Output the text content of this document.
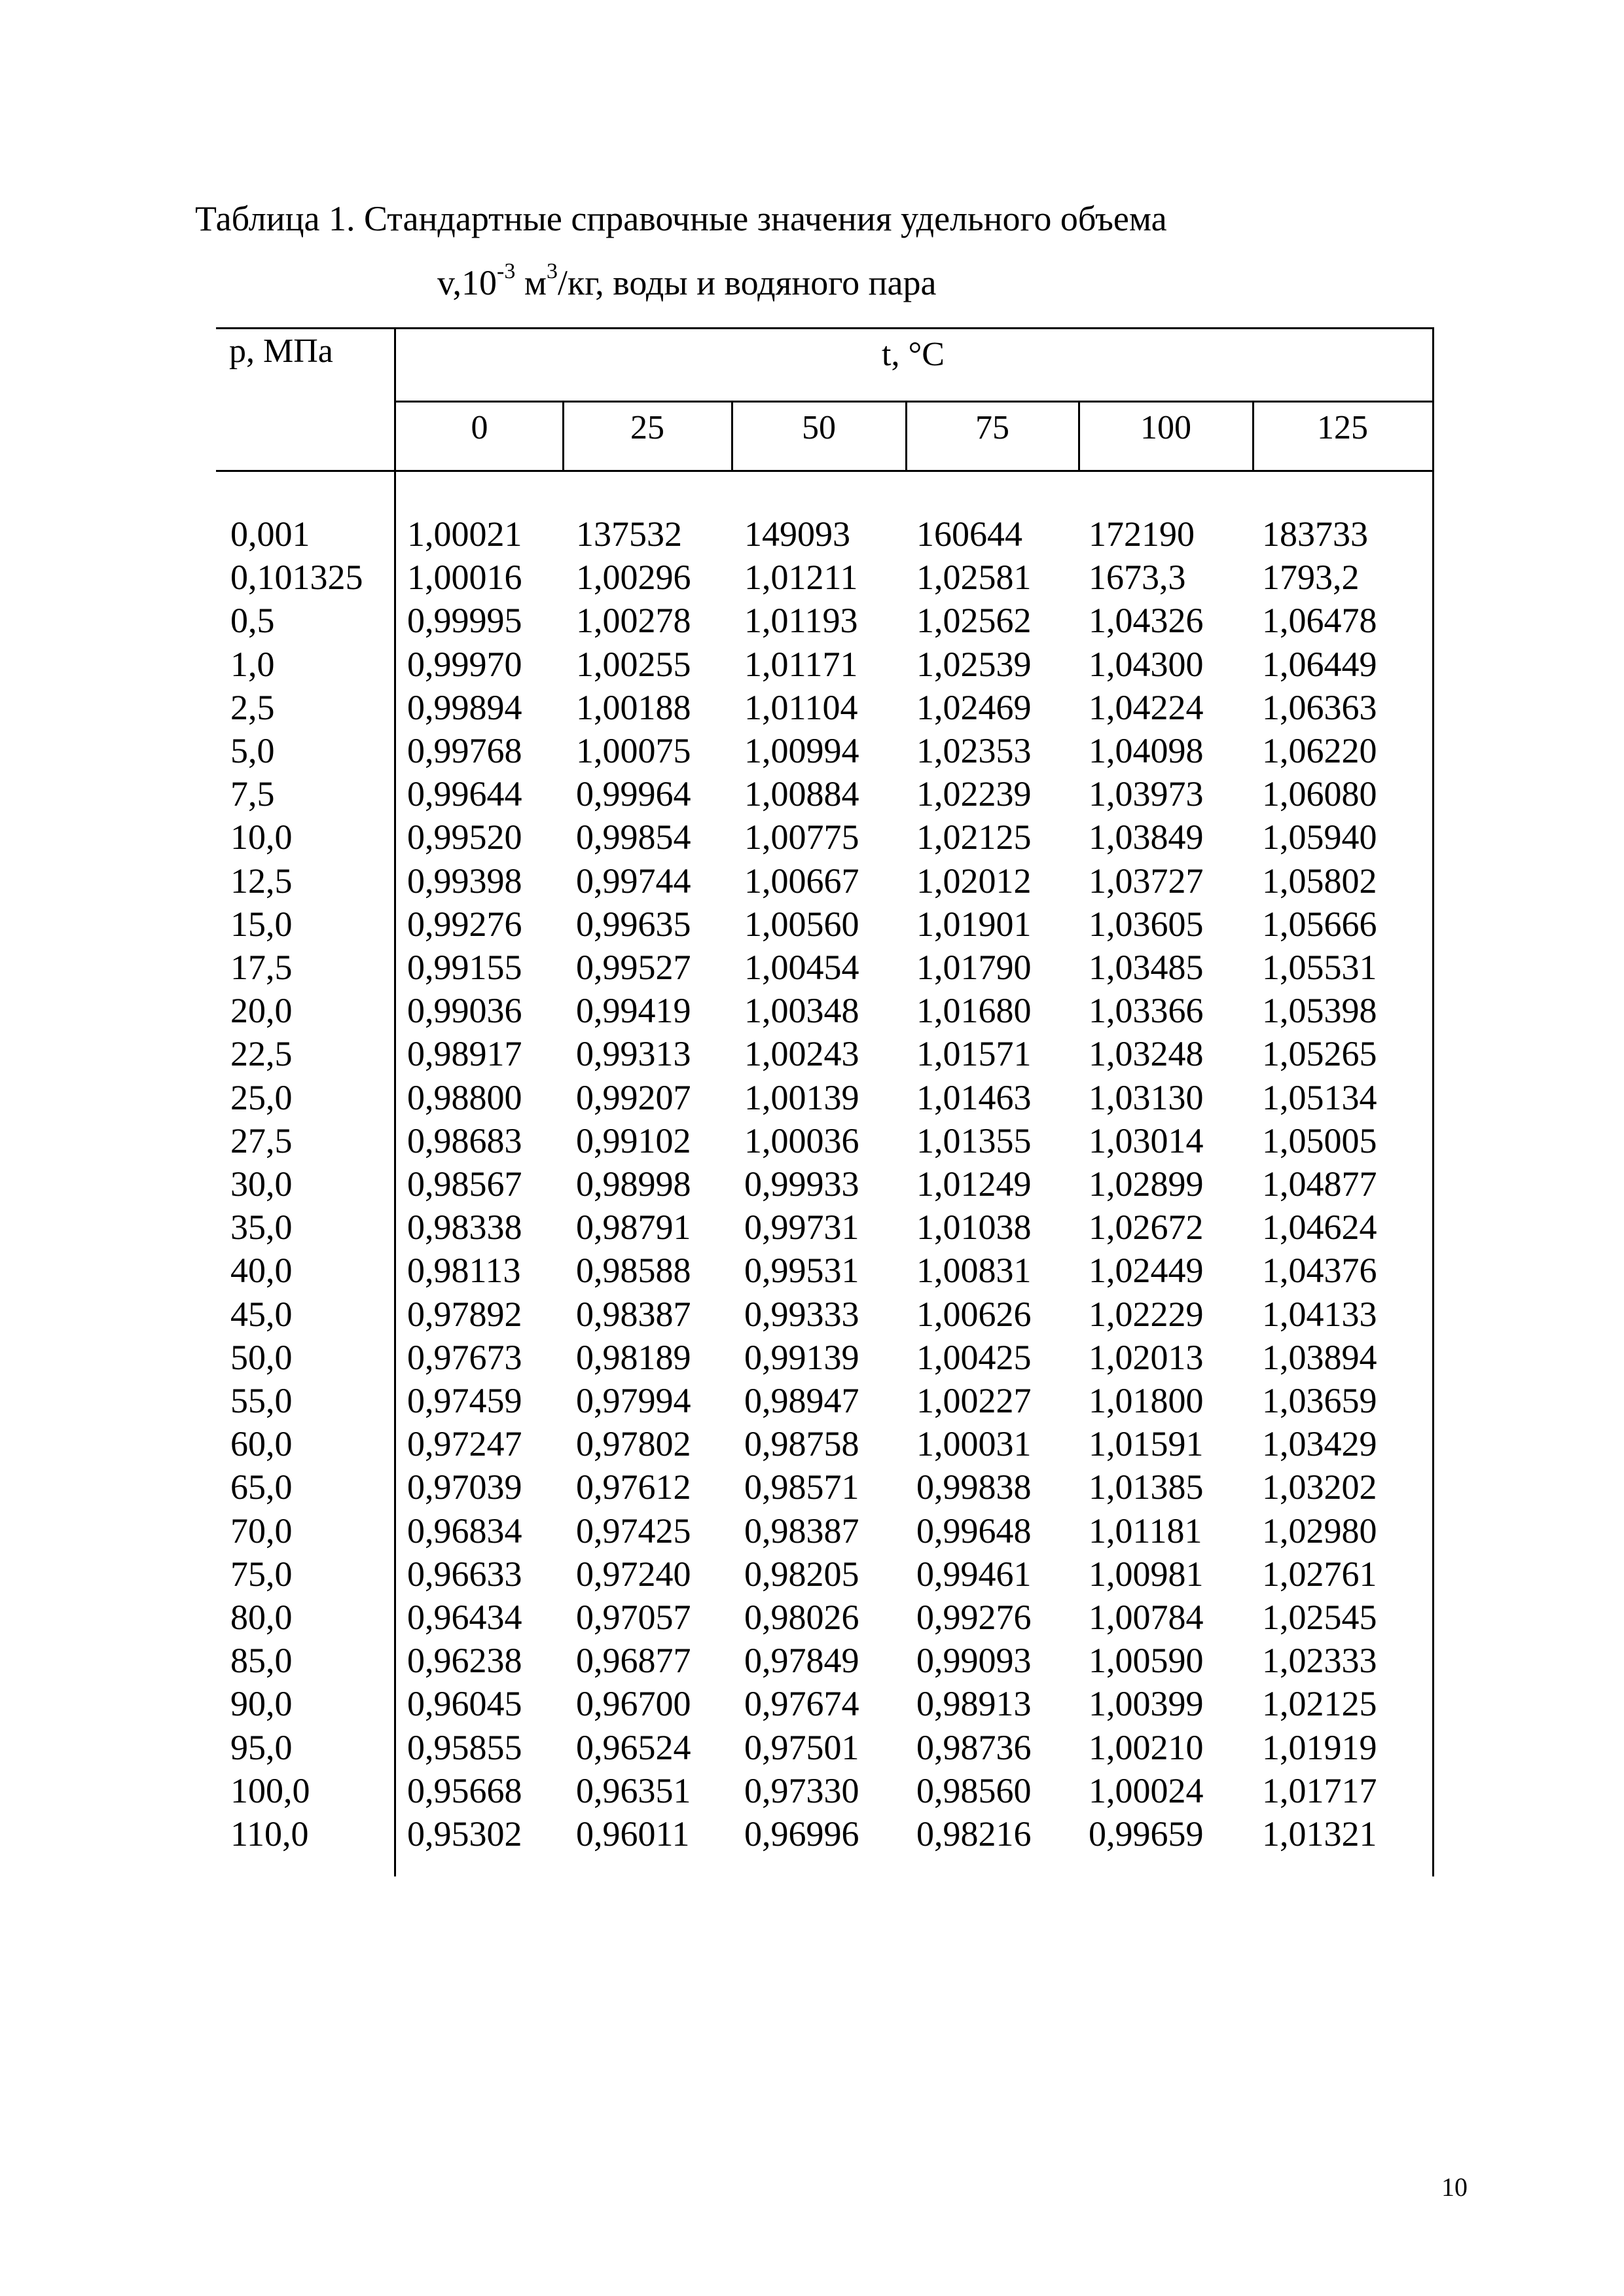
Таблица 1. Стандартные справочные значения удельного объема

$v,10^{-3}$ $м^3/кг$, воды и водяного пара

p, МПа	t, °C
0	25	50	75	100	125
0,001	1,00021 137532 149093 160644 172190 183733
0,101325 1,00016 1,00296 1,01211 1,02581 1673,3 1793,2
0,5	0,99995 1,00278 1,01193 1,02562 1,04326 1,06478
1,0	0,99970 1,00255 1,01171 1,02539 1,04300 1,06449
2,5	0,99894 1,00188 1,01104 1,02469 1,04224 1,06363
5,0	0,99768 1,00075 1,00994 1,02353 1,04098 1,06220
7,5	0,99644 0,99964 1,00884 1,02239 1,03973 1,06080
10,0	0,99520 0,99854 1,00775 1,02125 1,03849 1,05940
12,5	0,99398 0,99744 1,00667 1,02012 1,03727 1,05802
15,0	0,99276 0,99635 1,00560 1,01901 1,03605 1,05666
17,5	0,99155 0,99527 1,00454 1,01790 1,03485 1,05531
20,0	0,99036 0,99419 1,00348 1,01680 1,03366 1,05398
22,5	0,98917 0,99313 1,00243 1,01571 1,03248 1,05265
25,0	0,98800 0,99207 1,00139 1,01463 1,03130 1,05134
27,5	0,98683 0,99102 1,00036 1,01355 1,03014 1,05005
30,0	0,98567 0,98998 0,99933 1,01249 1,02899 1,04877
35,0	0,98338 0,98791 0,99731 1,01038 1,02672 1,04624
40,0	0,98113 0,98588 0,99531 1,00831 1,02449 1,04376
45,0	0,97892 0,98387 0,99333 1,00626 1,02229 1,04133
50,0	0,97673 0,98189 0,99139 1,00425 1,02013 1,03894
55,0	0,97459 0,97994 0,98947 1,00227 1,01800 1,03659
60,0	0,97247 0,97802 0,98758 1,00031 1,01591 1,03429
65,0	0,97039 0,97612 0,98571 0,99838 1,01385 1,03202
70,0	0,96834 0,97425 0,98387 0,99648 1,01181 1,02980
75,0	0,96633 0,97240 0,98205 0,99461 1,00981 1,02761
80,0	0,96434 0,97057 0,98026 0,99276 1,00784 1,02545
85,0	0,96238 0,96877 0,97849 0,99093 1,00590 1,02333
90,0	0,96045 0,96700 0,97674 0,98913 1,00399 1,02125
95,0	0,95855 0,96524 0,97501 0,98736 1,00210 1,01919
100,0	0,95668 0,96351 0,97330 0,98560 1,00024 1,01717
110,0	0,95302 0,96011 0,96996 0,98216 0,99659 1,01321
10
